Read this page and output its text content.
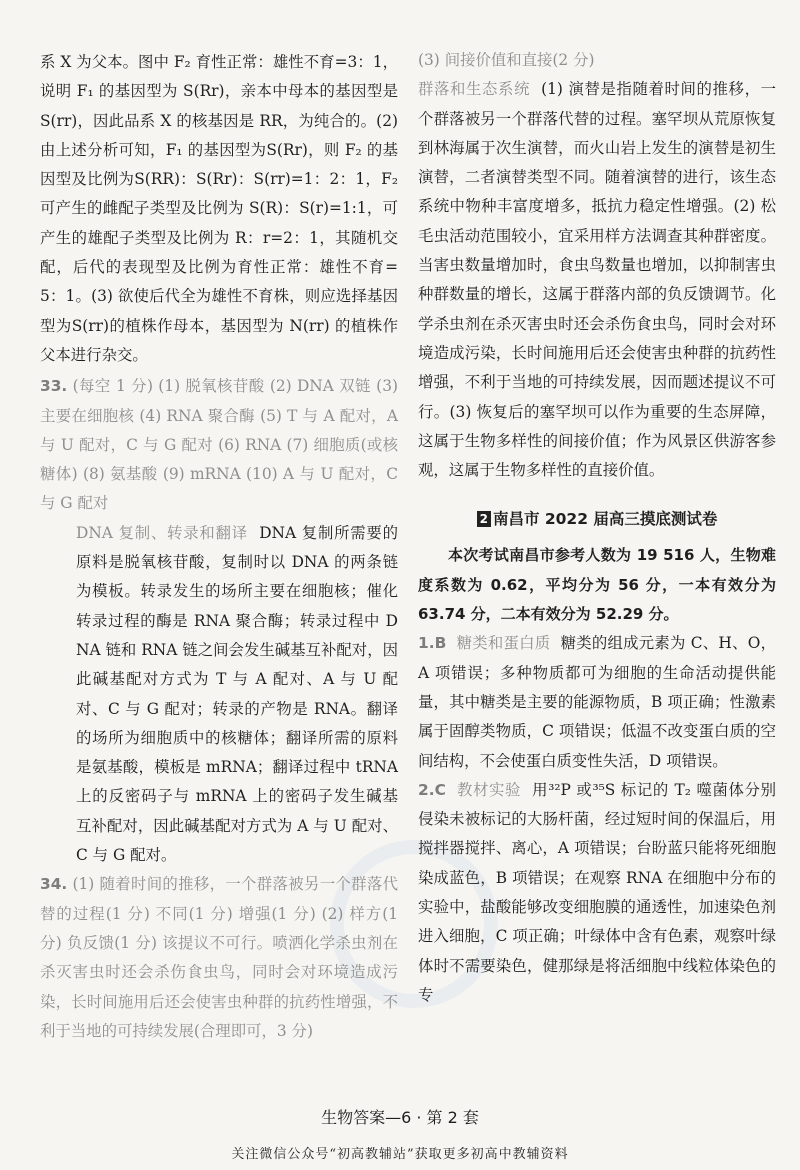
系 X 为父本。图中 F₂ 育性正常：雄性不育=3：1，说明 F₁ 的基因型为 S(Rr)，亲本中母本的基因型是S(rr)，因此品系 X 的核基因是 RR，为纯合的。(2) 由上述分析可知，F₁ 的基因型为S(Rr)，则 F₂ 的基因型及比例为S(RR)：S(Rr)：S(rr)=1：2：1，F₂ 可产生的雌配子类型及比例为 S(R)：S(r)=1:1，可产生的雄配子类型及比例为 R：r=2：1，其随机交配，后代的表现型及比例为育性正常：雄性不育=5：1。(3) 欲使后代全为雄性不育株，则应选择基因型为S(rr)的植株作母本，基因型为 N(rr) 的植株作父本进行杂交。

33. (每空 1 分) (1) 脱氧核苷酸 (2) DNA 双链 (3) 主要在细胞核 (4) RNA 聚合酶 (5) T 与 A 配对，A 与 U 配对，C 与 G 配对 (6) RNA (7) 细胞质(或核糖体) (8) 氨基酸 (9) mRNA (10) A 与 U 配对，C 与 G 配对

DNA 复制、转录和翻译 DNA 复制所需要的原料是脱氧核苷酸，复制时以 DNA 的两条链为模板。转录发生的场所主要在细胞核；催化转录过程的酶是 RNA 聚合酶；转录过程中 DNA 链和 RNA 链之间会发生碱基互补配对，因此碱基配对方式为 T 与 A 配对、A 与 U 配对、C 与 G 配对；转录的产物是 RNA。翻译的场所为细胞质中的核糖体；翻译所需的原料是氨基酸，模板是 mRNA；翻译过程中 tRNA 上的反密码子与 mRNA 上的密码子发生碱基互补配对，因此碱基配对方式为 A 与 U 配对、C 与 G 配对。

34. (1) 随着时间的推移，一个群落被另一个群落代替的过程(1 分) 不同(1 分) 增强(1 分) (2) 样方(1 分) 负反馈(1 分) 该提议不可行。喷洒化学杀虫剂在杀灭害虫时还会杀伤食虫鸟，同时会对环境造成污染，长时间施用后还会使害虫种群的抗药性增强，不利于当地的可持续发展(合理即可，3 分)

(3) 间接价值和直接(2 分)

群落和生态系统 (1) 演替是指随着时间的推移，一个群落被另一个群落代替的过程。塞罕坝从荒原恢复到林海属于次生演替，而火山岩上发生的演替是初生演替，二者演替类型不同。随着演替的进行，该生态系统中物种丰富度增多，抵抗力稳定性增强。(2) 松毛虫活动范围较小，宜采用样方法调查其种群密度。当害虫数量增加时，食虫鸟数量也增加，以抑制害虫种群数量的增长，这属于群落内部的负反馈调节。化学杀虫剂在杀灭害虫时还会杀伤食虫鸟，同时会对环境造成污染，长时间施用后还会使害虫种群的抗药性增强，不利于当地的可持续发展，因而题述提议不可行。(3) 恢复后的塞罕坝可以作为重要的生态屏障，这属于生物多样性的间接价值；作为风景区供游客参观，这属于生物多样性的直接价值。

2 南昌市 2022 届高三摸底测试卷

本次考试南昌市参考人数为 19 516 人，生物难度系数为 0.62，平均分为 56 分，一本有效分为 63.74 分，二本有效分为 52.29 分。

1.B 糖类和蛋白质 糖类的组成元素为 C、H、O，A 项错误；多种物质都可为细胞的生命活动提供能量，其中糖类是主要的能源物质，B 项正确；性激素属于固醇类物质，C 项错误；低温不改变蛋白质的空间结构，不会使蛋白质变性失活，D 项错误。

2.C 教材实验 用³²P 或³⁵S 标记的 T₂ 噬菌体分别侵染未被标记的大肠杆菌，经过短时间的保温后，用搅拌器搅拌、离心，A 项错误；台盼蓝只能将死细胞染成蓝色，B 项错误；在观察 RNA 在细胞中分布的实验中，盐酸能够改变细胞膜的通透性，加速染色剂进入细胞，C 项正确；叶绿体中含有色素，观察叶绿体时不需要染色，健那绿是将活细胞中线粒体染色的专

生物答案—6 · 第 2 套
关注微信公众号“初高教辅站”获取更多初高中教辅资料
